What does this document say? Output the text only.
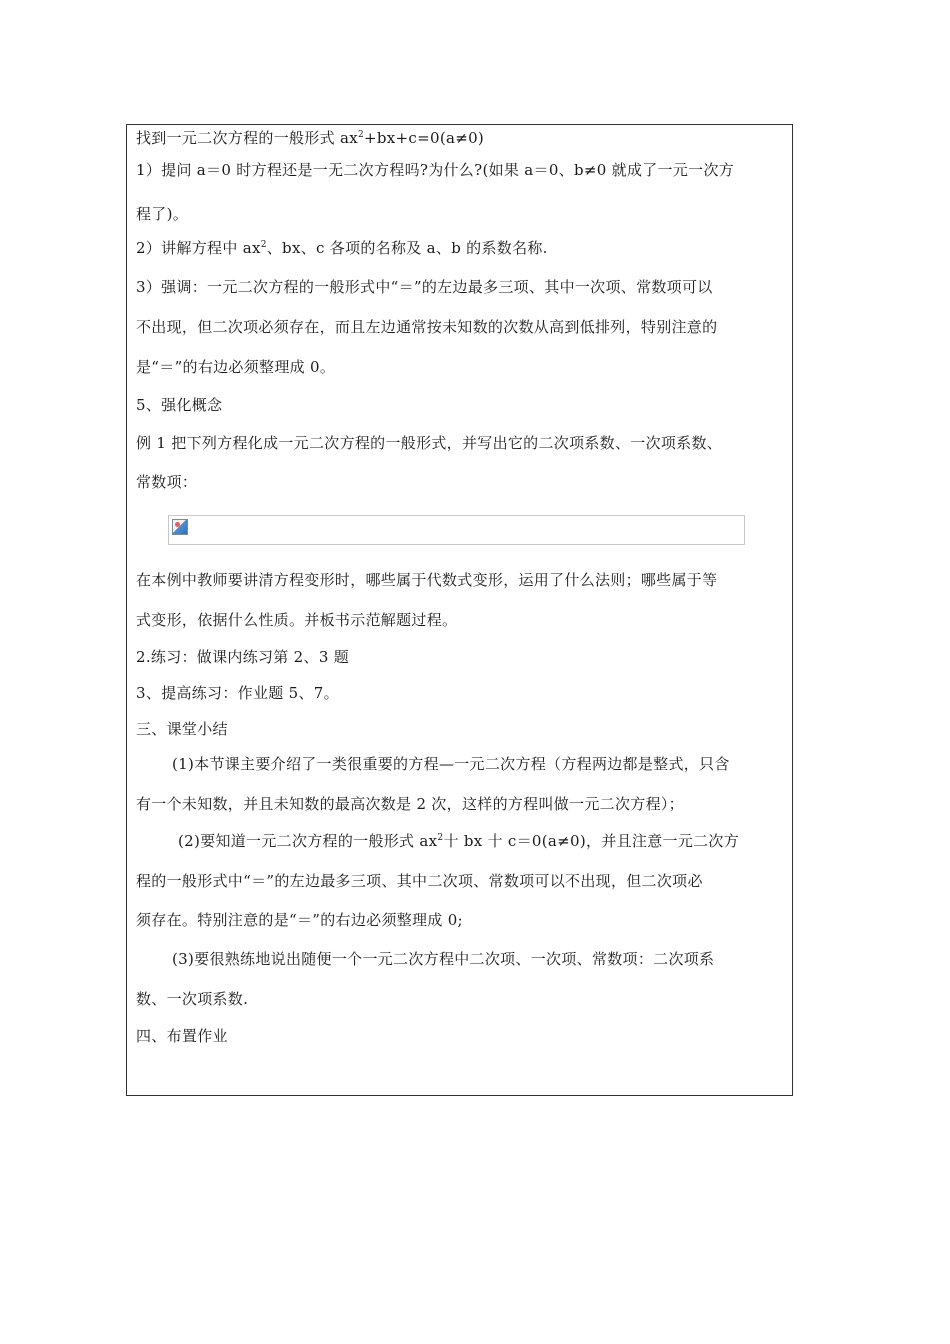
找到一元二次方程的一般形式 $ax^2+bx+c=0(a\ne 0)$
1）提问 a＝0 时方程还是一无二次方程吗?为什么?(如果 a＝0、b≠0 就成了一元一次方
程了)。
2）讲解方程中 $ax^2$、bx、c 各项的名称及 a、b 的系数名称.
3）强调：一元二次方程的一般形式中“＝”的左边最多三项、其中一次项、常数项可以
不出现，但二次项必须存在，而且左边通常按未知数的次数从高到低排列，特别注意的
是“＝”的右边必须整理成 0。
5、强化概念
例 1 把下列方程化成一元二次方程的一般形式，并写出它的二次项系数、一次项系数、
常数项：
在本例中教师要讲清方程变形时，哪些属于代数式变形，运用了什么法则；哪些属于等
式变形，依据什么性质。并板书示范解题过程。
2.练习：做课内练习第 2、3 题
3、提高练习：作业题 5、7。
三、课堂小结
(1)本节课主要介绍了一类很重要的方程—一元二次方程（方程两边都是整式，只含
有一个未知数，并且未知数的最高次数是 2 次，这样的方程叫做一元二次方程）；
(2)要知道一元二次方程的一般形式 $ax^2$十 bx 十 c＝0(a≠0)，并且注意一元二次方
程的一般形式中“＝”的左边最多三项、其中二次项、常数项可以不出现，但二次项必
须存在。特别注意的是“＝”的右边必须整理成 0;
(3)要很熟练地说出随便一个一元二次方程中二次项、一次项、常数项：二次项系
数、一次项系数.
四、布置作业
